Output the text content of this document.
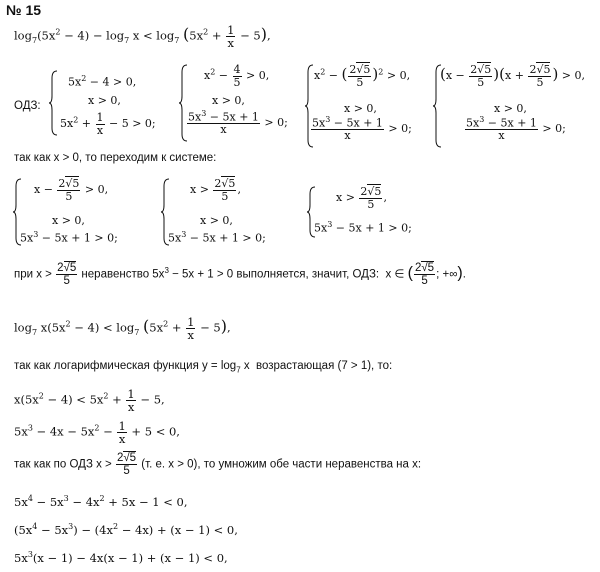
№ 15
$\log_7(5x^2 - 4) - \log_7 x < \log_7 (5x^2 + \frac{1}{x} - 5)$,
ОДЗ:
$5x^2 - 4 > 0$,
x > 0,
$5x^2 + \frac{1}{x} - 5 > 0$;
$x^2 - \frac{4}{5} > 0$,
x > 0,
$\frac{5x^3 - 5x + 1}{x} > 0$;
$x^2$ − ( $\frac{2√5}{5} )^2 > 0$,
x > 0,
$\frac{5x^3 - 5x + 1}{x} > 0$;
$(x - \frac{2√5}{5} )(x + \frac{2√5}{5}$ ) > 0,
x > 0,
$\frac{5x^3 - 5x + 1}{x} > 0$;
так как x > 0, то переходим к системе:
$x - \frac{2√5}{5} > 0$,
x > 0,
$5x^3 - 5x + 1 > 0$;
$x > \frac{2√5}{5}$ ,
x > 0,
$5x^3 - 5x + 1 > 0$;
$x > \frac{2√5}{5}$ ,
$5x^3 - 5x + 1 > 0$;
при $x > \frac{2√5}{5}$ неравенство $5x^3 - 5x + 1 > 0$ выполняется, значит, ОДЗ:  x ∈ ( $\frac{2√5}{5}$ ; +∞).
$\log_7 x(5x^2 - 4) < \log_7 (5x^2 + \frac{1}{x} - 5)$,
так как логарифмическая функция $y = \log_7 x$  возрастающая (7 > 1), то:
$x(5x^2 - 4) < 5x^2 + \frac{1}{x} - 5$,
$5x^3 - 4x - 5x^2 - \frac{1}{x} + 5 < 0$,
так как по ОДЗ $x > \frac{2√5}{5} (т$. е. x > 0), то умножим обе части неравенства на x:
$5x^4 - 5x^3 - 4x^2 + 5x - 1 < 0$,
$(5x^4 - 5x^3) - (4x^2 - 4x) + (x - 1) < 0$,
$5x^3(x - 1) - 4x(x - 1) + (x - 1) < 0$,
